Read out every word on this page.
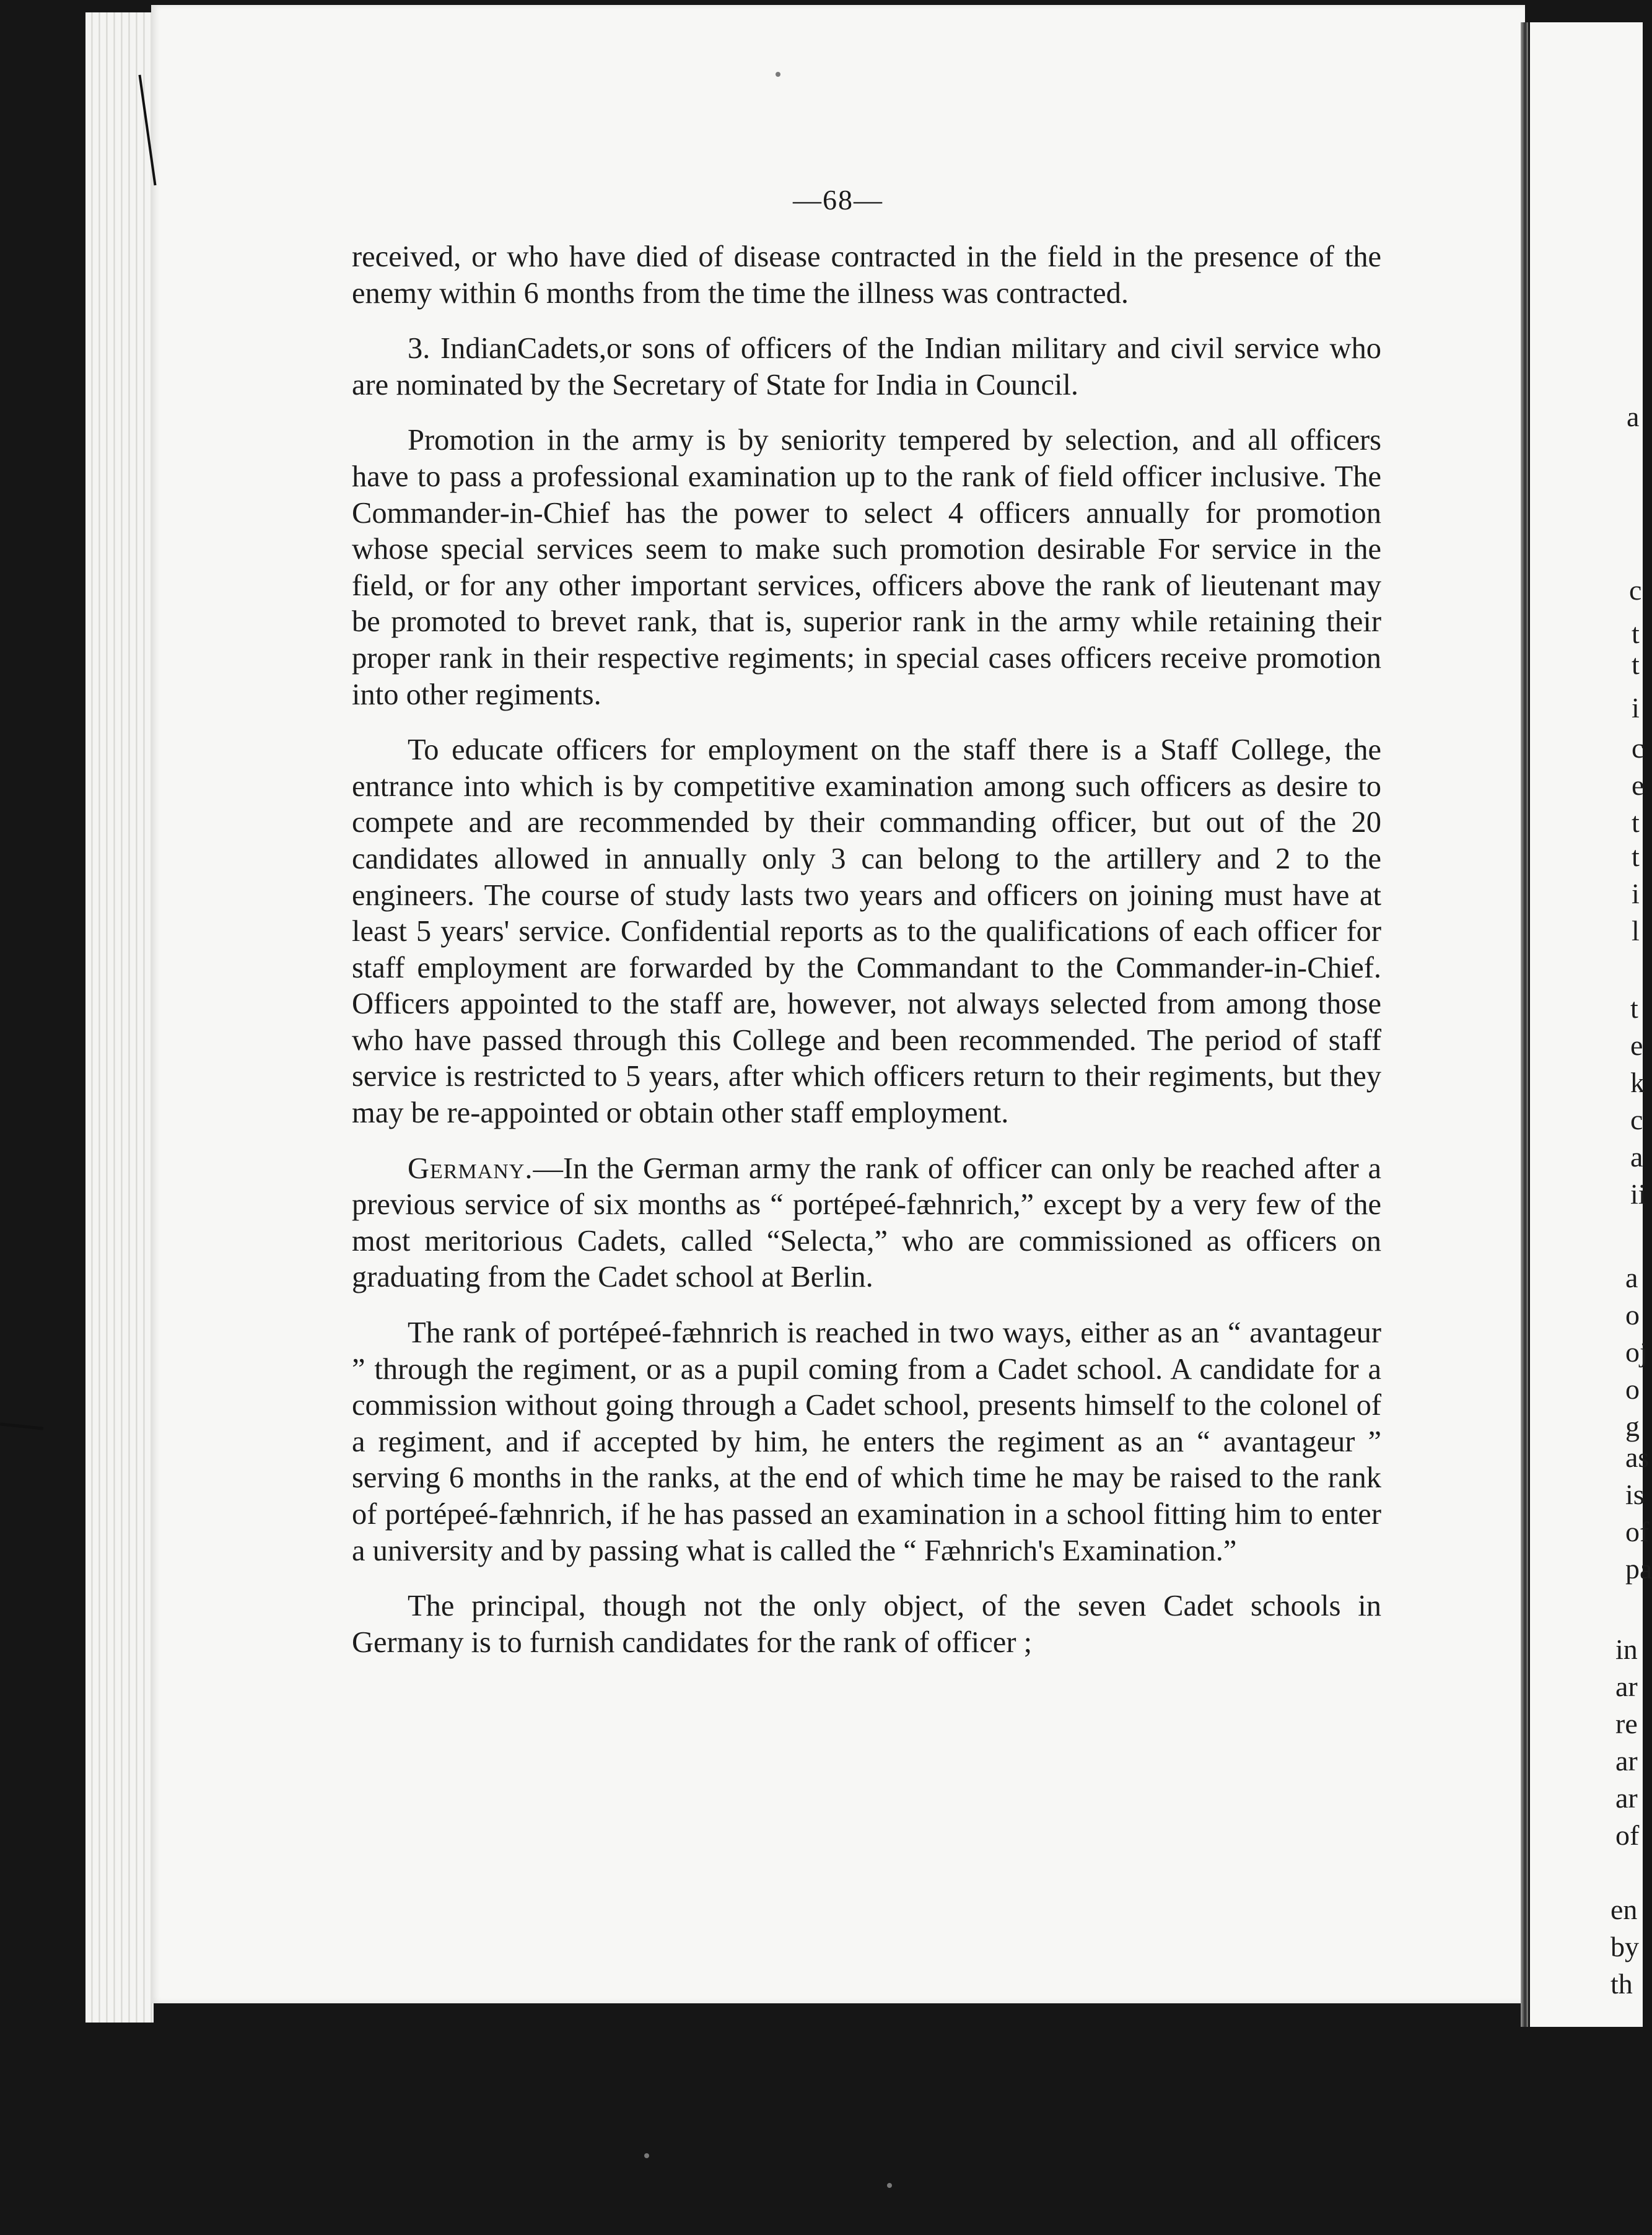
—68—

received, or who have died of disease contracted in the field in the presence of the enemy within 6 months from the time the illness was contracted.

3. IndianCadets,or sons of officers of the Indian military and civil service who are nominated by the Secretary of State for India in Council.

Promotion in the army is by seniority tempered by selection, and all officers have to pass a professional examination up to the rank of field officer inclusive. The Commander-in-Chief has the power to select 4 officers annually for promotion whose special services seem to make such promotion desirable For service in the field, or for any other important services, officers above the rank of lieutenant may be promoted to brevet rank, that is, superior rank in the army while retaining their proper rank in their respective regiments; in special cases officers receive promotion into other regiments.

To educate officers for employment on the staff there is a Staff College, the entrance into which is by competitive examination among such officers as desire to compete and are recommended by their commanding officer, but out of the 20 candidates allowed in annually only 3 can belong to the artillery and 2 to the engineers. The course of study lasts two years and officers on joining must have at least 5 years' service. Confidential reports as to the qualifications of each officer for staff employment are forwarded by the Commandant to the Commander-in-Chief. Officers appointed to the staff are, however, not always selected from among those who have passed through this College and been recommended. The period of staff service is restricted to 5 years, after which officers return to their regiments, but they may be re-appointed or obtain other staff employment.

Germany.—In the German army the rank of officer can only be reached after a previous service of six months as “ portépeé-fæhnrich,” except by a very few of the most meritorious Cadets, called “Selecta,” who are commissioned as officers on graduating from the Cadet school at Berlin.

The rank of portépeé-fæhnrich is reached in two ways, either as an “ avantageur ” through the regiment, or as a pupil coming from a Cadet school. A candidate for a commission without going through a Cadet school, presents himself to the colonel of a regiment, and if accepted by him, he enters the regiment as an “ avantageur ” serving 6 months in the ranks, at the end of which time he may be raised to the rank of portépeé-fæhnrich, if he has passed an examination in a school fitting him to enter a university and by passing what is called the “ Fæhnrich's Examination.”

The principal, though not the only object, of the seven Cadet schools in Germany is to furnish candidates for the rank of officer ;

a
c
t
t
i
c
e
t
t
i
l
t
e
k
c
a
ii
a
o
oj
o
g
as
is
of
pa
in
ar
re
ar
ar
of
en
by
th
